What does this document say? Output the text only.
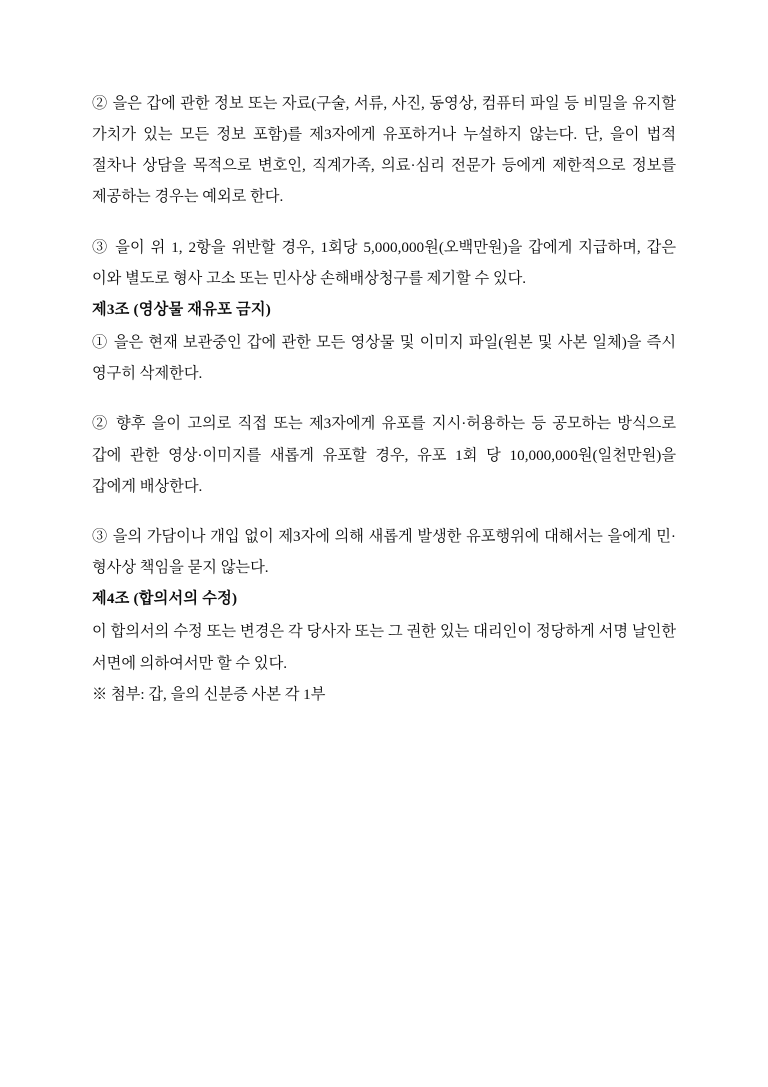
② 을은 갑에 관한 정보 또는 자료(구술, 서류, 사진, 동영상, 컴퓨터 파일 등 비밀을 유지할 가치가 있는 모든 정보 포함)를 제3자에게 유포하거나 누설하지 않는다. 단, 을이 법적 절차나 상담을 목적으로 변호인, 직계가족, 의료·심리 전문가 등에게 제한적으로 정보를 제공하는 경우는 예외로 한다.

③ 을이 위 1, 2항을 위반할 경우, 1회당 5,000,000원(오백만원)을 갑에게 지급하며, 갑은 이와 별도로 형사 고소 또는 민사상 손해배상청구를 제기할 수 있다.

제3조 (영상물 재유포 금지)

① 을은 현재 보관중인 갑에 관한 모든 영상물 및 이미지 파일(원본 및 사본 일체)을 즉시 영구히 삭제한다.

② 향후 을이 고의로 직접 또는 제3자에게 유포를 지시·허용하는 등 공모하는 방식으로 갑에 관한 영상·이미지를 새롭게 유포할 경우, 유포 1회 당 10,000,000원(일천만원)을 갑에게 배상한다.

③ 을의 가담이나 개입 없이 제3자에 의해 새롭게 발생한 유포행위에 대해서는 을에게 민·형사상 책임을 묻지 않는다.

제4조 (합의서의 수정)

이 합의서의 수정 또는 변경은 각 당사자 또는 그 권한 있는 대리인이 정당하게 서명 날인한 서면에 의하여서만 할 수 있다.

※ 첨부: 갑, 을의 신분증 사본 각 1부
